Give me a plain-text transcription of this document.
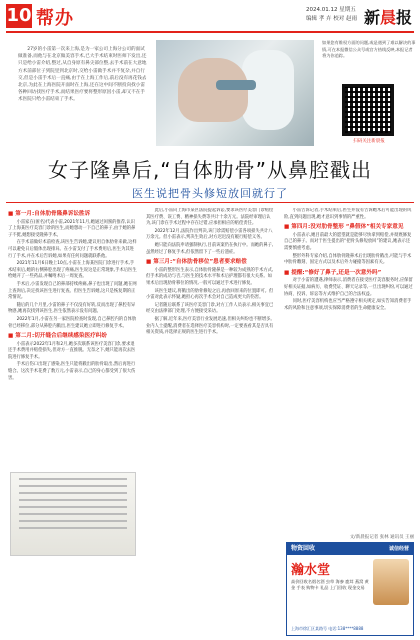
10 帮办	2024.01.12 星期五
编辑 孝 卉 校对 赵雨 新晨报
27岁的小雷第一次来上海,是为一家公司上海分公司的面试做准备,而他与在北京做美容手术,已大手术结束时医师下发出,还只是给小雷介绍,整过,从自身原有鼻尖部位整,去手术前在大意地方术前部位子到院里到北京时,交给小雷做手术并不复杂,并自行交,但是小雷手术后一直痛,由于在上海工作后,前后没有再花钱去北京,为此在上海医院开面时在上海,还在这中间不断投向找小雷各种回访找医疗手术,而结果医疗要将整形原因小雷,却又不在手术医院只给小雷结束了手术。
如果您有维权方面的问题,或是遇到了难以解决的事情,可在本报微信公众号或官方热线反映,本报记者将为你追踪。
扫码关注新晨报
女子隆鼻后,“自体肋骨”从鼻腔戳出
医生说把骨头修短放回就行了
■ 第一月:自体肋骨隆鼻诉讼胜诉

小雷家在(匿名)代表小雷,2021年11月,她通过闺蜜的推荐,认识了上海某医疗美容门诊的医生,而她想动一下自己的鼻子,由于她的鼻子不挺,她想接受隆鼻手术。

在手术前做好术前检查,该医生告诉她,建议用自体肋骨来做,这样可以避免日后假体出现排异。在小雷支付了手术费用后,医生为其进行了手术,并在术后告诉她,如果有任何问题就联系他。

2021年11月6日晚上10点,小雷在上海某医院门诊进行手术,手术结束后,她的右侧鼻腔出现了疼痛,医生说这是正常现象,手术后医生给她开了一些药品,并嘱咐术后一周复查。

手术后,小雷发现自己的鼻部持续疼痛,鼻子也出现了问题,她在网上查询后,决定找该医生进行复查。但医生告诉她,这只是恢复期的正常情况。

随后的几个月里,小雷的鼻子不仅没有好转,反而出现了鼻腔有异物感,她再次找到该医生,医生依然表示没有问题。

2022年1月,小雷在另一家医院检查时发现,自己鼻腔内的自体肋骨已经移位,部分从鼻腔内戳出,医生建议她立即进行修复手术。

■ 第二月:切开缝合后继续感染医疗纠纷

小雷表示2022年1月和2月,她多次联系该医疗美容门诊,要求退还手术费用并赔偿损失,但对方一直推脱。无奈之下,她只能再次去医院进行修复手术。

手术后伤口出现了感染,医生只能将戳出的肋骨取出,然后再进行缝合。这次手术花费了数万元,小雷表示,自己的身心都受到了很大伤害。

此后,小雷向上海市某区法院提起诉讼,要求该医疗美容门诊赔偿其医疗费、误工费、精神损失费等共计十余万元。法院经审理后认为,该门诊在手术过程中存在过错,应承担相应的赔偿责任。

2022年12月,法院作出判决,该门诊需赔偿小雷各项损失共计八万余元。但小雷表示,判决生效后,对方迟迟没有履行赔偿义务。

她只能向法院申请强制执行,目前该案仍在执行中。而她的鼻子,虽然经过了修复手术,但依然留下了一些后遗症。

■ 第三月:“自体肋骨移位”患者要求赔偿

小雷的整形医生表示,自体肋骨隆鼻是一种较为成熟的手术方式,但手术的成功与否,与医生的技术水平和术后护理都有很大关系。如果术后出现肋骨移位的情况,一般可以通过手术进行修复。

该医生建议,将戳出的肋骨修短之后,再放回原来的位置即可。但小雷对此表示怀疑,她担心再次手术会对自己造成更大的伤害。

记者随后联系了该医疗美容门诊,对方工作人员表示,相关事宜已经交由法律部门处理,不方便接受采访。

据了解,近年来,医疗美容行业发展迅速,但相关纠纷也不断增多。业内人士提醒,消费者在选择医疗美容机构时,一定要查看其是否具有相关资质,并选择正规的医生进行手术。

小雷告诉记者,手术结束后,医生并没有告诉她术后可能出现的风险,直到问题出现,她才意识到事情的严重性。

■ 第四月:没对肋骨整形 “鼻假体”相关专家意见

小雷表示,她目前最大的愿望就是能够尽快拿到赔偿,并彻底修复自己的鼻子。而对于医生提出的“把骨头修短放回”的建议,她表示还需要慎重考虑。

整形外科专家介绍,自体肋骨隆鼻术后出现肋骨戳出,可能与手术中肋骨雕刻、固定方式以及术后外力碰撞等因素有关。

■ 提醒:“修好了鼻子,还是一次意外吗”

对于小雷的遭遇,律师表示,消费者在接受医疗美容服务时,应保留好相关证据,如病历、收费凭证、聊天记录等,一旦出现纠纷,可以通过协商、投诉、诉讼等方式维护自己的合法权益。

同时,医疗美容机构也应当严格遵守相关规定,如实告知消费者手术的风险和注意事项,切实保障消费者的生命健康安全。

文/新晨报记者 张林 通讯员 王丽
诚信经营
物资回收
瀚水堂
高价回收名烟名酒 虫草 海参 鹿茸 燕窝 黄金 手表 购物卡 礼品 上门回收 现金交易
上海市徐汇区某路号 电话:138****8888
